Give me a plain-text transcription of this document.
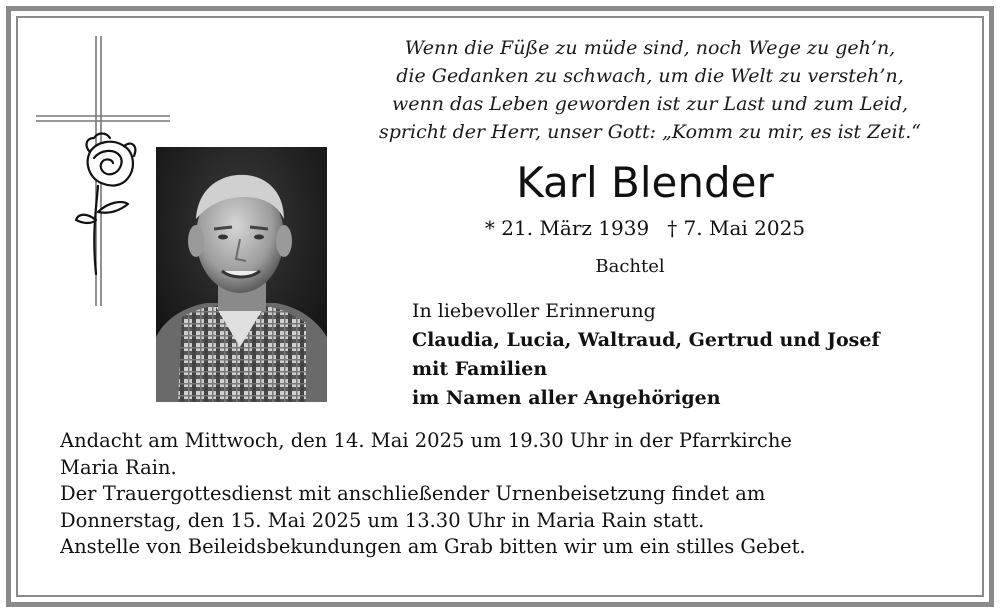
Wenn die Füße zu müde sind, noch Wege zu geh’n,
die Gedanken zu schwach, um die Welt zu versteh’n,
wenn das Leben geworden ist zur Last und zum Leid,
spricht der Herr, unser Gott: „Komm zu mir, es ist Zeit.“
Karl Blender
* 21. März 1939 † 7. Mai 2025
Bachtel
In liebevoller Erinnerung
Claudia, Lucia, Waltraud, Gertrud und Josef
mit Familien
im Namen aller Angehörigen
Andacht am Mittwoch, den 14. Mai 2025 um 19.30 Uhr in der Pfarrkirche
Maria Rain.
Der Trauergottesdienst mit anschließender Urnenbeisetzung findet am
Donnerstag, den 15. Mai 2025 um 13.30 Uhr in Maria Rain statt.
Anstelle von Beileidsbekundungen am Grab bitten wir um ein stilles Gebet.
